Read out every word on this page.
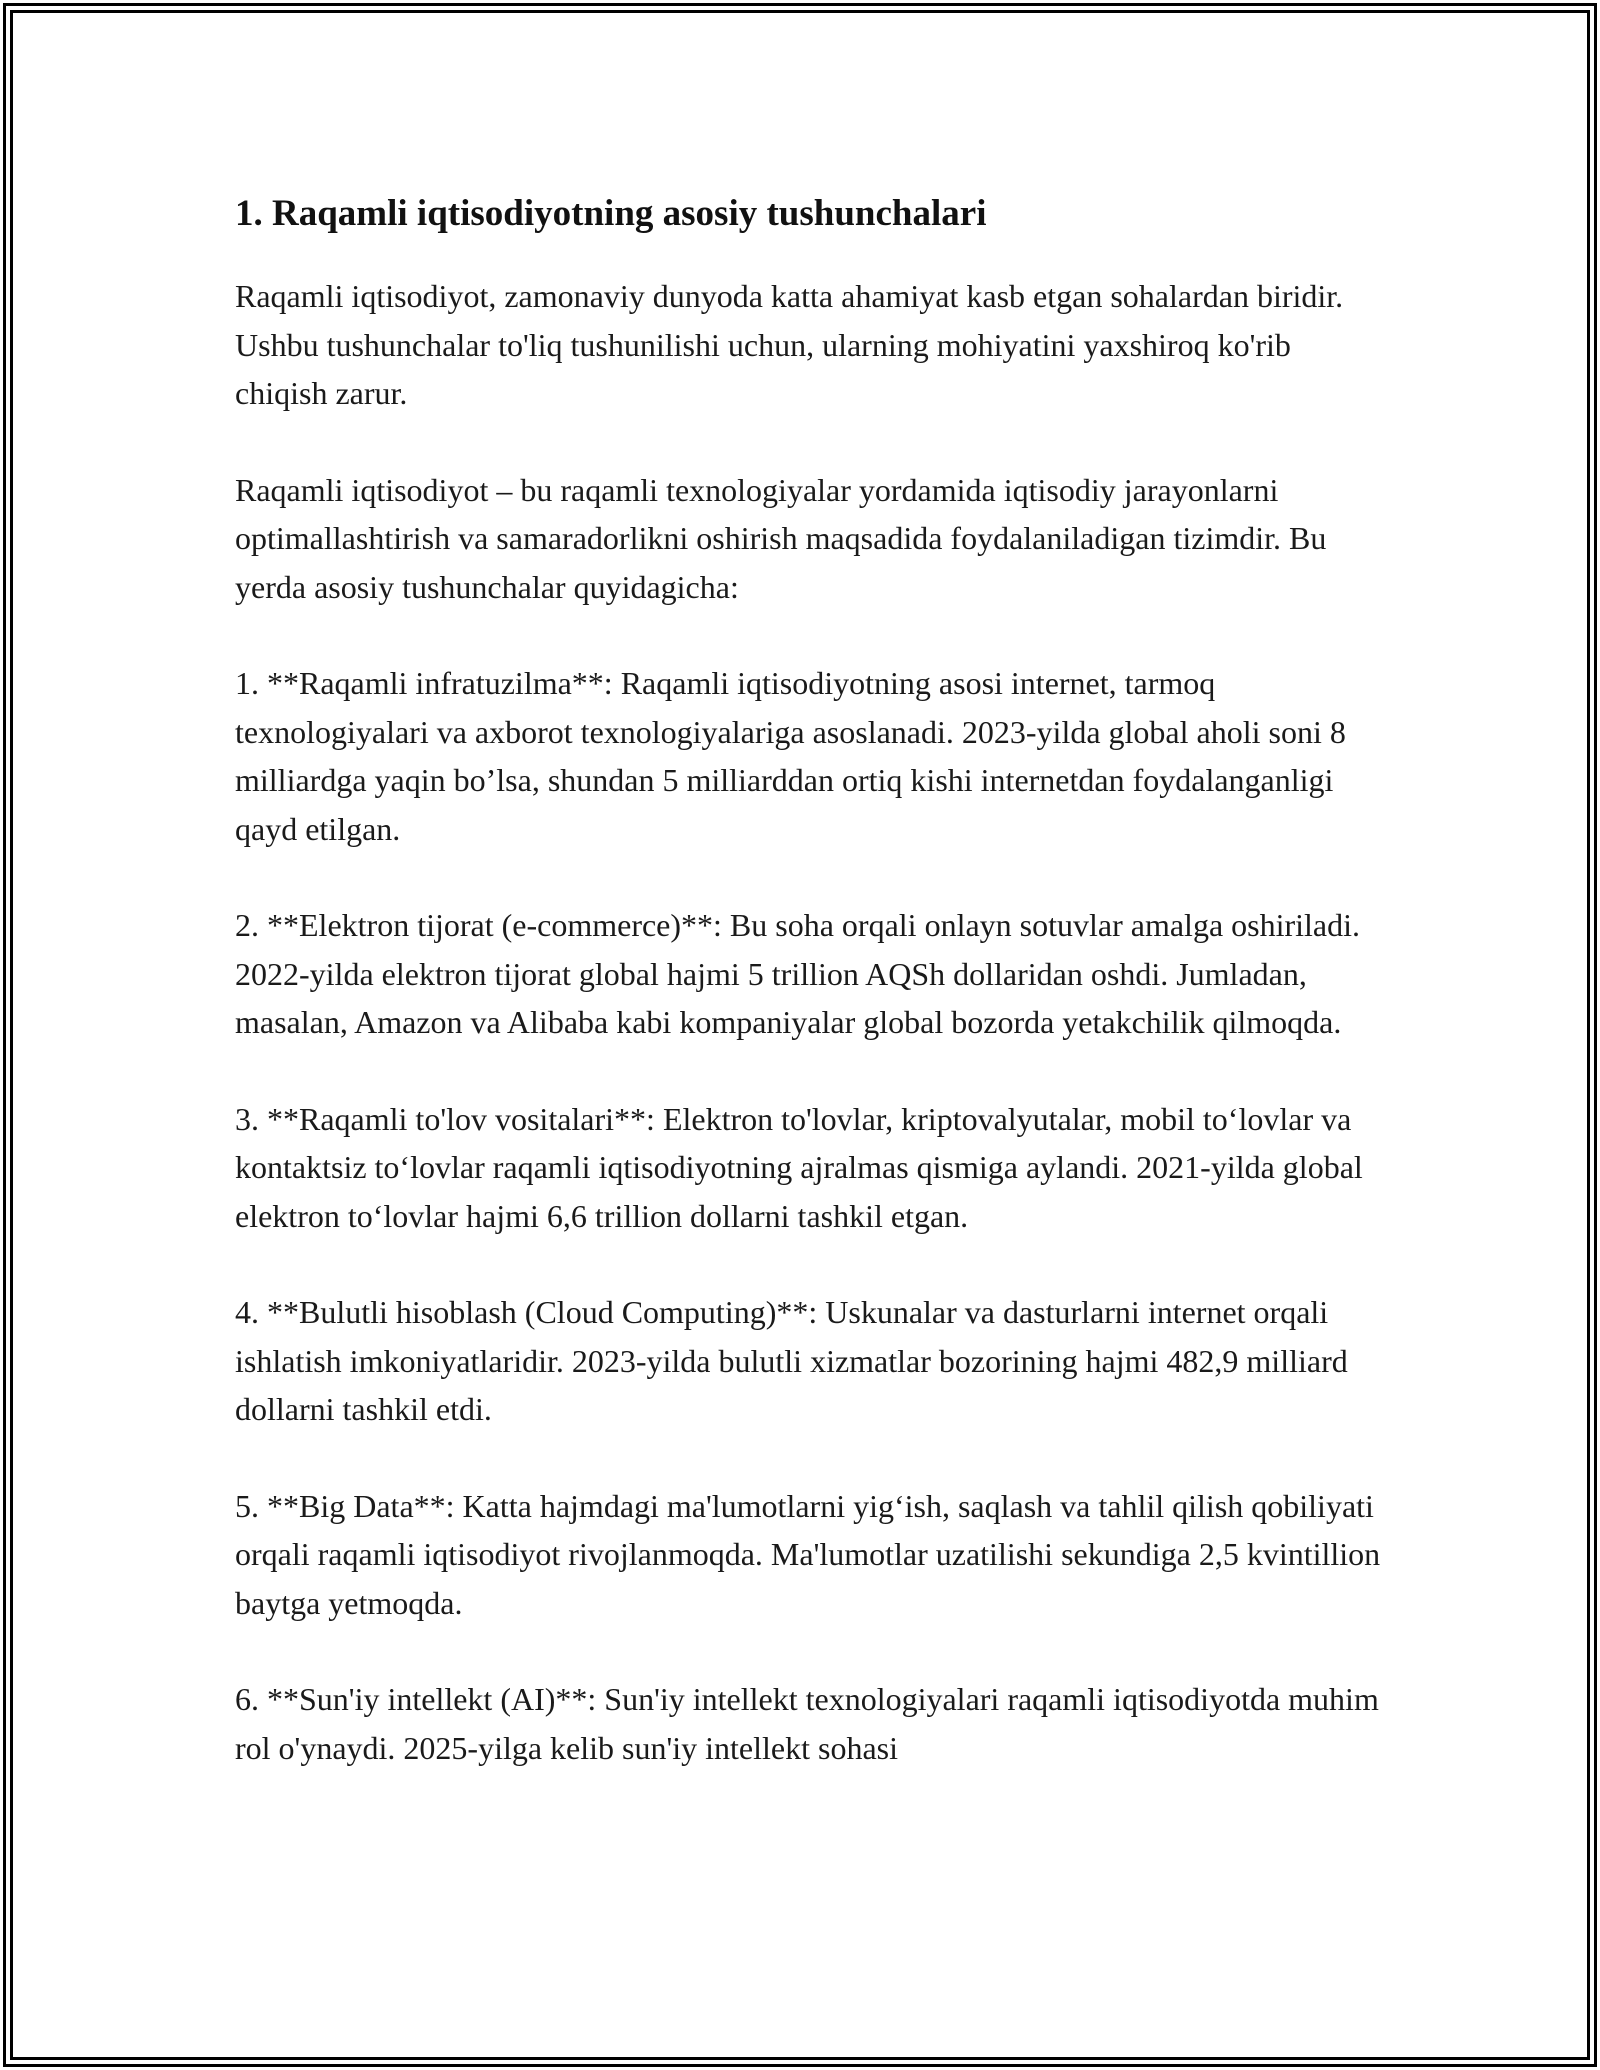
1. Raqamli iqtisodiyotning asosiy tushunchalari

Raqamli iqtisodiyot, zamonaviy dunyoda katta ahamiyat kasb etgan sohalardan biridir. Ushbu tushunchalar to'liq tushunilishi uchun, ularning mohiyatini yaxshiroq ko'rib chiqish zarur.

Raqamli iqtisodiyot – bu raqamli texnologiyalar yordamida iqtisodiy jarayonlarni optimallashtirish va samaradorlikni oshirish maqsadida foydalaniladigan tizimdir. Bu yerda asosiy tushunchalar quyidagicha:

1. **Raqamli infratuzilma**: Raqamli iqtisodiyotning asosi internet, tarmoq texnologiyalari va axborot texnologiyalariga asoslanadi. 2023-yilda global aholi soni 8 milliardga yaqin bo’lsa, shundan 5 milliarddan ortiq kishi internetdan foydalanganligi qayd etilgan.

2. **Elektron tijorat (e-commerce)**: Bu soha orqali onlayn sotuvlar amalga oshiriladi. 2022-yilda elektron tijorat global hajmi 5 trillion AQSh dollaridan oshdi. Jumladan, masalan, Amazon va Alibaba kabi kompaniyalar global bozorda yetakchilik qilmoqda.

3. **Raqamli to'lov vositalari**: Elektron to'lovlar, kriptovalyutalar, mobil to‘lovlar va kontaktsiz to‘lovlar raqamli iqtisodiyotning ajralmas qismiga aylandi. 2021-yilda global elektron to‘lovlar hajmi 6,6 trillion dollarni tashkil etgan.

4. **Bulutli hisoblash (Cloud Computing)**: Uskunalar va dasturlarni internet orqali ishlatish imkoniyatlaridir. 2023-yilda bulutli xizmatlar bozorining hajmi 482,9 milliard dollarni tashkil etdi.

5. **Big Data**: Katta hajmdagi ma'lumotlarni yig‘ish, saqlash va tahlil qilish qobiliyati orqali raqamli iqtisodiyot rivojlanmoqda. Ma'lumotlar uzatilishi sekundiga 2,5 kvintillion baytga yetmoqda.

6. **Sun'iy intellekt (AI)**: Sun'iy intellekt texnologiyalari raqamli iqtisodiyotda muhim rol o'ynaydi. 2025-yilga kelib sun'iy intellekt sohasi
